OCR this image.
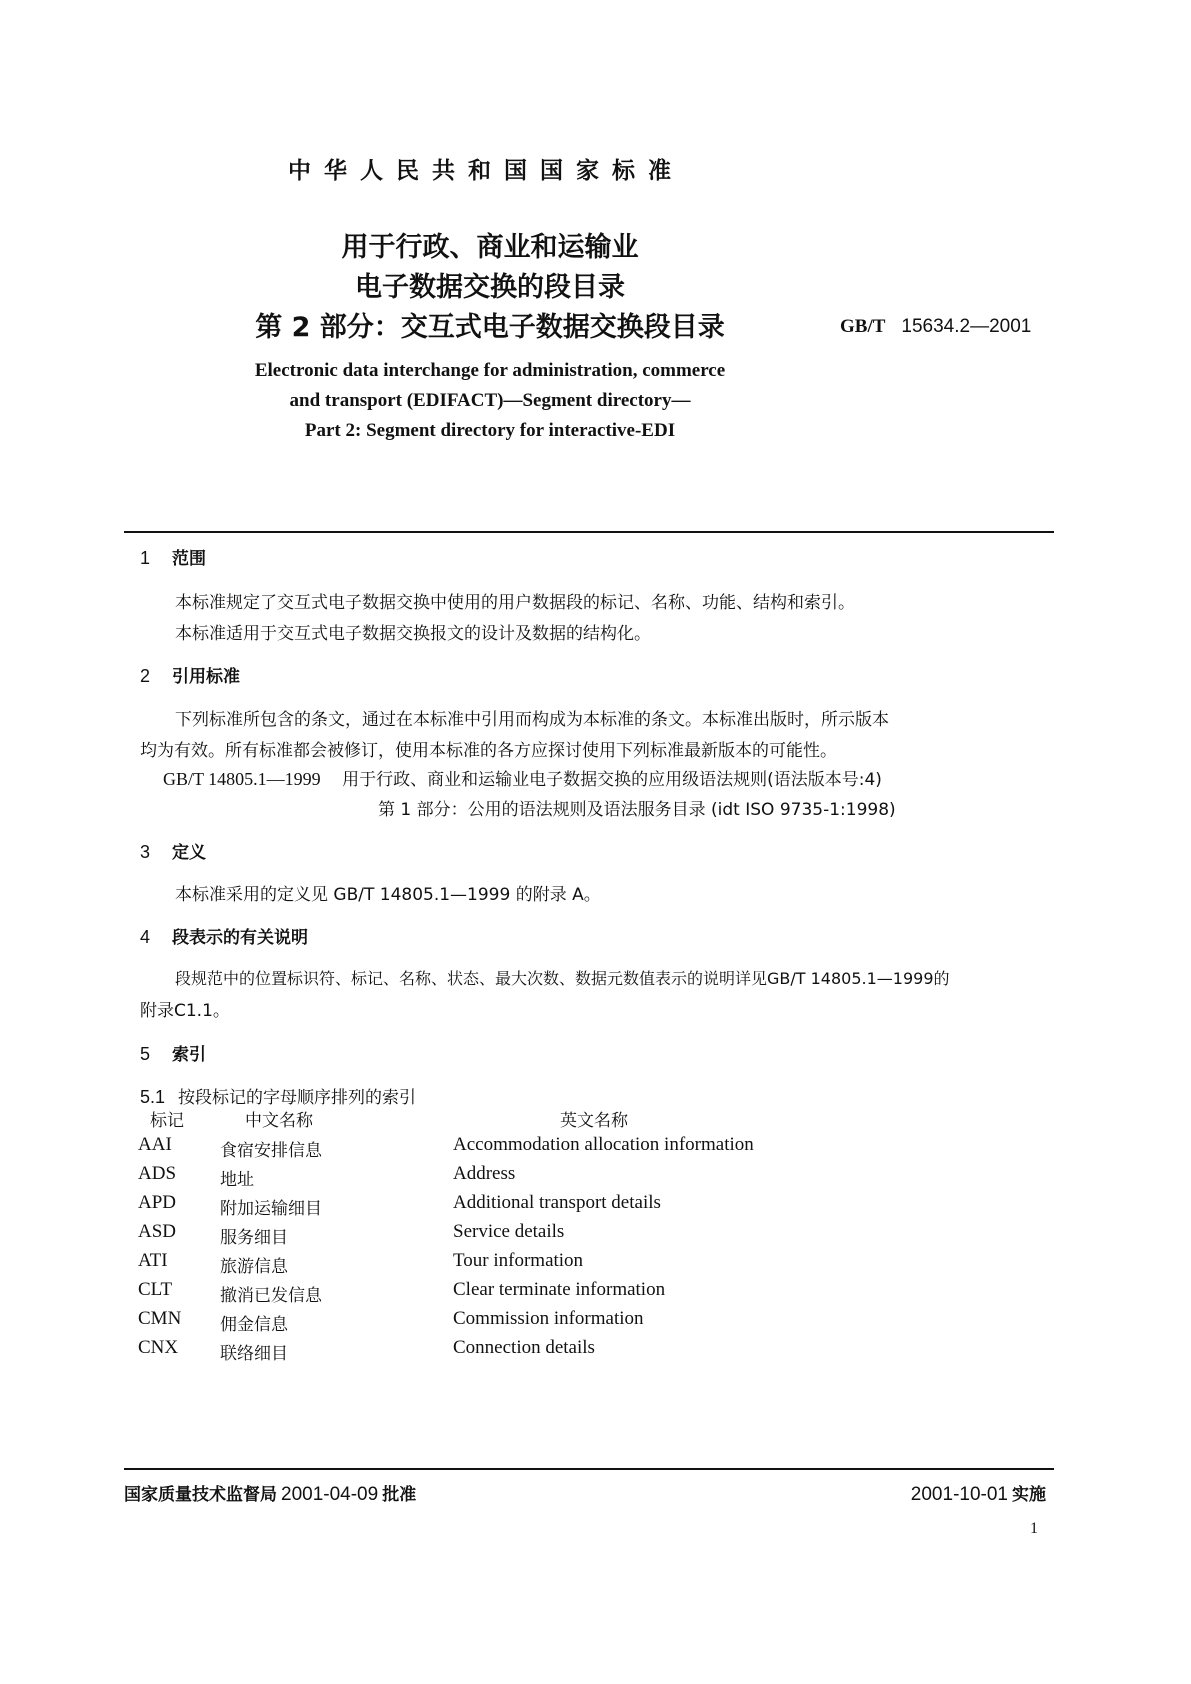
中华人民共和国国家标准
用于行政、商业和运输业
电子数据交换的段目录
第 2 部分：交互式电子数据交换段目录	GB/T 15634.2—2001
Electronic data interchange for administration, commerce
and transport (EDIFACT)—Segment directory—
Part 2: Segment directory for interactive-EDI
1 范围
本标准规定了交互式电子数据交换中使用的用户数据段的标记、名称、功能、结构和索引。
本标准适用于交互式电子数据交换报文的设计及数据的结构化。
2 引用标准
下列标准所包含的条文，通过在本标准中引用而构成为本标准的条文。本标准出版时，所示版本
均为有效。所有标准都会被修订，使用本标准的各方应探讨使用下列标准最新版本的可能性。
GB/T 14805.1—1999 用于行政、商业和运输业电子数据交换的应用级语法规则(语法版本号:4)
第 1 部分：公用的语法规则及语法服务目录 (idt ISO 9735-1:1998)
3 定义
本标准采用的定义见 GB/T 14805.1—1999 的附录 A。
4 段表示的有关说明
段规范中的位置标识符、标记、名称、状态、最大次数、数据元数值表示的说明详见GB/T 14805.1—1999的
附录C1.1。
5 索引
5.1 按段标记的字母顺序排列的索引
标记	中文名称	英文名称
AAI	食宿安排信息	Accommodation allocation information
ADS	地址	Address
APD	附加运输细目	Additional transport details
ASD	服务细目	Service details
ATI	旅游信息	Tour information
CLT	撤消已发信息	Clear terminate information
CMN 佣金信息	Commission information
CNX 联络细目	Connection details
国家质量技术监督局 2001-04-09 批准	2001-10-01 实施
1
